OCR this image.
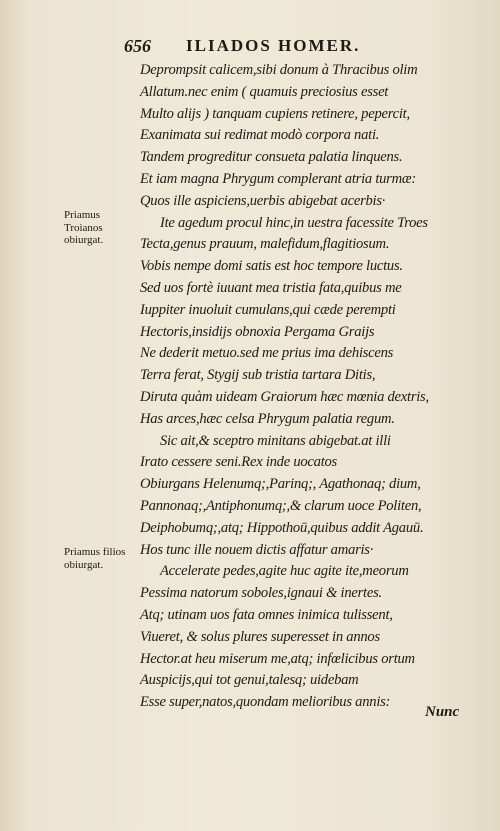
656 ILIADOS HOMER.
Priamus Troianos obiurgat.
Priamus filios obiurgat.
Deprompsit calicem,sibi donum à Thracibus olim
Allatum.nec enim ( quamuis preciosius esset
Multo alijs ) tanquam cupiens retinere, pepercit,
Exanimata sui redimat modò corpora nati.
Tandem progreditur consueta palatia linquens.
Et iam magna Phrygum complerant atria turmæ:
Quos ille aspiciens,uerbis abigebat acerbis·
Ite agedum procul hinc,in uestra facessite Troes
Tecta,genus prauum, malefidum,flagitiosum.
Vobis nempe domi satis est hoc tempore luctus.
Sed uos fortè iuuant mea tristia fata,quibus me
Iuppiter inuoluit cumulans,qui cæde perempti
Hectoris,insidijs obnoxia Pergama Graijs
Ne dederit metuo.sed me prius ima dehiscens
Terra ferat, Stygij sub tristia tartara Ditis,
Diruta quàm uideam Graiorum hæc mœnia dextris,
Has arces,hæc celsa Phrygum palatia regum.
Sic ait,& sceptro minitans abigebat.at illi
Irato cessere seni.Rex inde uocatos
Obiurgans Helenumq;,Parinq;, Agathonaq; dium,
Pannonaq;,Antiphonumq;,& clarum uoce Politen,
Deiphobumq;,atq; Hippothoū,quibus addit Agauū.
Hos tunc ille nouem dictis affatur amaris·
Accelerate pedes,agite huc agite ite,meorum
Pessima natorum soboles,ignaui & inertes.
Atq; utinam uos fata omnes inimica tulissent,
Viueret, & solus plures superesset in annos
Hector.at heu miserum me,atq; infœlicibus ortum
Auspicijs,qui tot genui,talesq; uidebam
Esse super,natos,quondam melioribus annis:
Nunc
